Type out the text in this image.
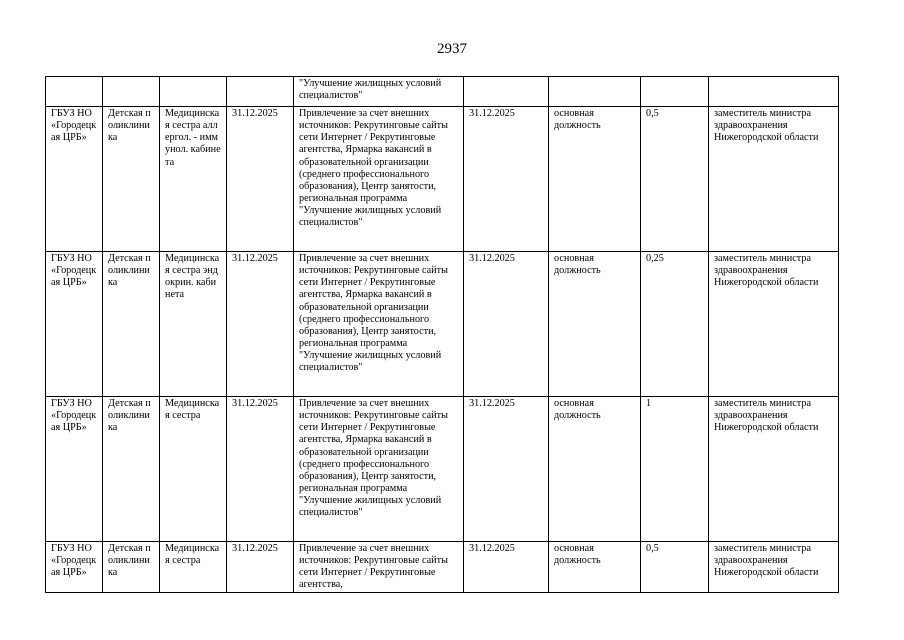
2937
				"Улучшение жилищных условий специалистов"				
ГБУЗ НО «Городецкая ЦРБ»	Детская поликлиника	Медицинская сестра аллергол. - иммунол. кабинета	31.12.2025	Привлечение за счет внешних источников: Рекрутинговые сайты сети Интернет / Рекрутинговые агентства, Ярмарка вакансий в образовательной организации (среднего профессионального образования), Центр занятости, региональная программа "Улучшение жилищных условий специалистов"	31.12.2025	основная должность	0,5	заместитель министра здравоохранения Нижегородской области
ГБУЗ НО «Городецкая ЦРБ»	Детская поликлиника	Медицинская сестра эндокрин. кабинета	31.12.2025	Привлечение за счет внешних источников: Рекрутинговые сайты сети Интернет / Рекрутинговые агентства, Ярмарка вакансий в образовательной организации (среднего профессионального образования), Центр занятости, региональная программа "Улучшение жилищных условий специалистов"	31.12.2025	основная должность	0,25	заместитель министра здравоохранения Нижегородской области
ГБУЗ НО «Городецкая ЦРБ»	Детская поликлиника	Медицинская сестра	31.12.2025	Привлечение за счет внешних источников: Рекрутинговые сайты сети Интернет / Рекрутинговые агентства, Ярмарка вакансий в образовательной организации (среднего профессионального образования), Центр занятости, региональная программа "Улучшение жилищных условий специалистов"	31.12.2025	основная должность	1	заместитель министра здравоохранения Нижегородской области
ГБУЗ НО «Городецкая ЦРБ»	Детская поликлиника	Медицинская сестра	31.12.2025	Привлечение за счет внешних источников: Рекрутинговые сайты сети Интернет / Рекрутинговые агентства,	31.12.2025	основная должность	0,5	заместитель министра здравоохранения Нижегородской области
